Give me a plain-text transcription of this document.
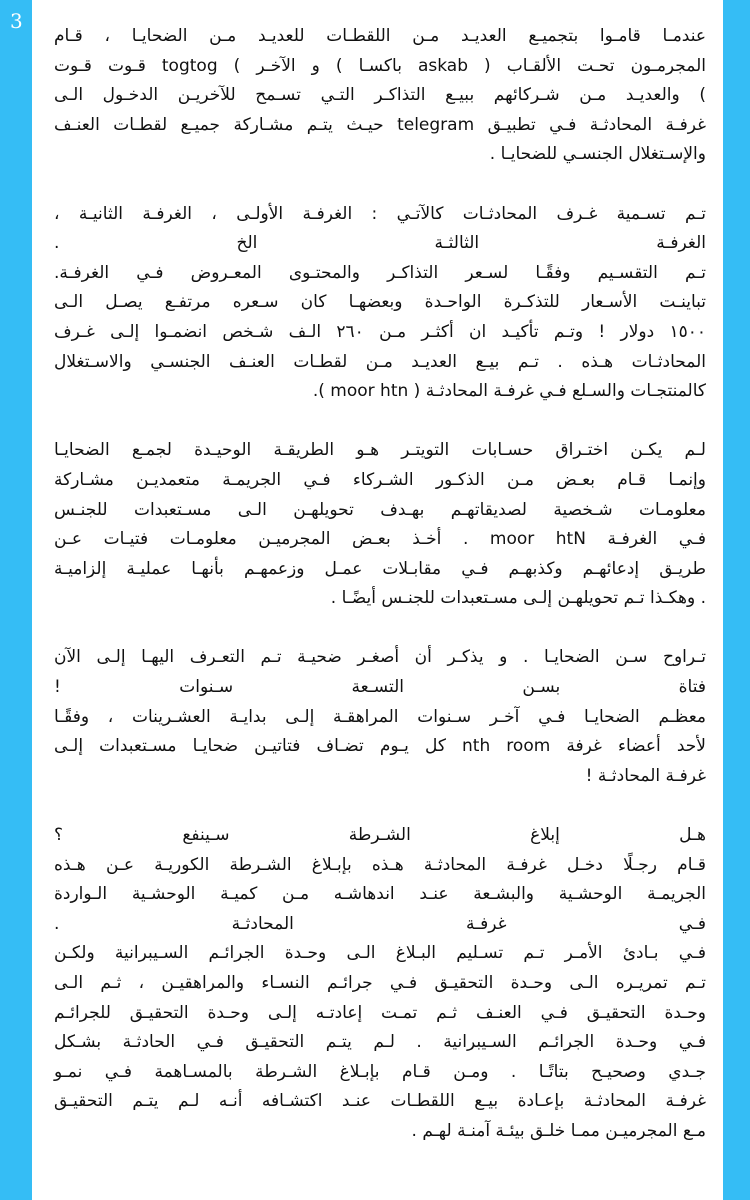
3
عندمـا قامـوا بتجميـع العديـد مـن اللقطـات للعديـد مـن الضحايـا ، قـام
المجرمـون تحـت الألقـاب ( askab باكسـا ) و الآخـر ) togtog قـوت قـوت
) والعديـد مـن شـركائهم ببيـع التذاكـر التـي تسـمح للآخريـن الدخـول الـى
غرفـة المحادثـة فـي تطبيـق telegram حيـث يتـم مشـاركة جميـع لقطـات العنـف
والإسـتغلال الجنسـي للضحايـا .
تـم تسـمية غـرف المحادثـات كالآتـي : الغرفـة الأولـى ، الغرفـة الثانيـة ،
الغرفـة الثالثـة الخ .
تـم التقسـيم وفقًـا لسـعر التذاكـر والمحتـوى المعـروض فـي الغرفـة.
تباينـت الأسـعار للتذكـرة الواحـدة وبعضهـا كان سـعره مرتفـع يصـل الـى
١٥٠٠ دولار ! وتـم تأكيـد ان أكثـر مـن ٢٦٠ الـف شـخص انضمـوا إلـى غـرف
المحادثـات هـذه . تـم بيـع العديـد مـن لقطـات العنـف الجنسـي والاسـتغلال
كالمنتجـات والسـلع فـي غرفـة المحادثـة ( moor htn ).
لـم يكـن اختـراق حسـابات التويتـر هـو الطريقـة الوحيـدة لجمـع الضحايـا
وإنمـا قـام بعـض مـن الذكـور الشـركاء فـي الجريمـة متعمديـن مشـاركة
معلومـات شـخصية لصديقاتهـم بهـدف تحويلهـن الـى مسـتعبدات للجنـس
فـي الغرفـة moor htN . أخـذ بعـض المجرميـن معلومـات فتيـات عـن
طريـق إدعائهـم وكذبهـم فـي مقابـلات عمـل وزعمهـم بأنهـا عمليـة إلزاميـة
. وهكـذا تـم تحويلهـن إلـى مسـتعبدات للجنـس أيضًـا .
تـراوح سـن الضحايـا . و يذكـر أن أصغـر ضحيـة تـم التعـرف اليهـا إلـى الآن
فتاة بسـن التسـعة سـنوات !
معظـم الضحايـا فـي آخـر سـنوات المراهقـة إلـى بدايـة العشـرينات ، وفقًـا
لأحد أعضاء غرفة nth room كل يـوم تضـاف فتاتيـن ضحايـا مسـتعبدات إلـى
غرفـة المحادثـة !
هـل إبلاغ الشـرطة سـينفع ؟
قـام رجـلًا دخـل غرفـة المحادثـة هـذه بإبـلاغ الشـرطة الكوريـة عـن هـذه
الجريمـة الوحشـية والبشـعة عنـد اندهاشـه مـن كميـة الوحشـية الـواردة
فـي غرفـة المحادثـة .
فـي بـادئ الأمـر تـم تسـليم البـلاغ الـى وحـدة الجرائـم السـيبرانية ولكـن
تـم تمريـره الـى وحـدة التحقيـق فـي جرائـم النسـاء والمراهقيـن ، ثـم الـى
وحـدة التحقيـق فـي العنـف ثـم تمـت إعادتـه إلـى وحـدة التحقيـق للجرائـم
فـي وحـدة الجرائـم السـيبرانية . لـم يتـم التحقيـق فـي الحادثـة بشـكل
جـدي وصحيـح بتاتًـا . ومـن قـام بإبـلاغ الشـرطة بالمسـاهمة فـي نمـو
غرفـة المحادثـة بإعـادة بيـع اللقطـات عنـد اكتشـافه أنـه لـم يتـم التحقيـق
مـع المجرميـن ممـا خلـق بيئـة آمنـة لهـم .
